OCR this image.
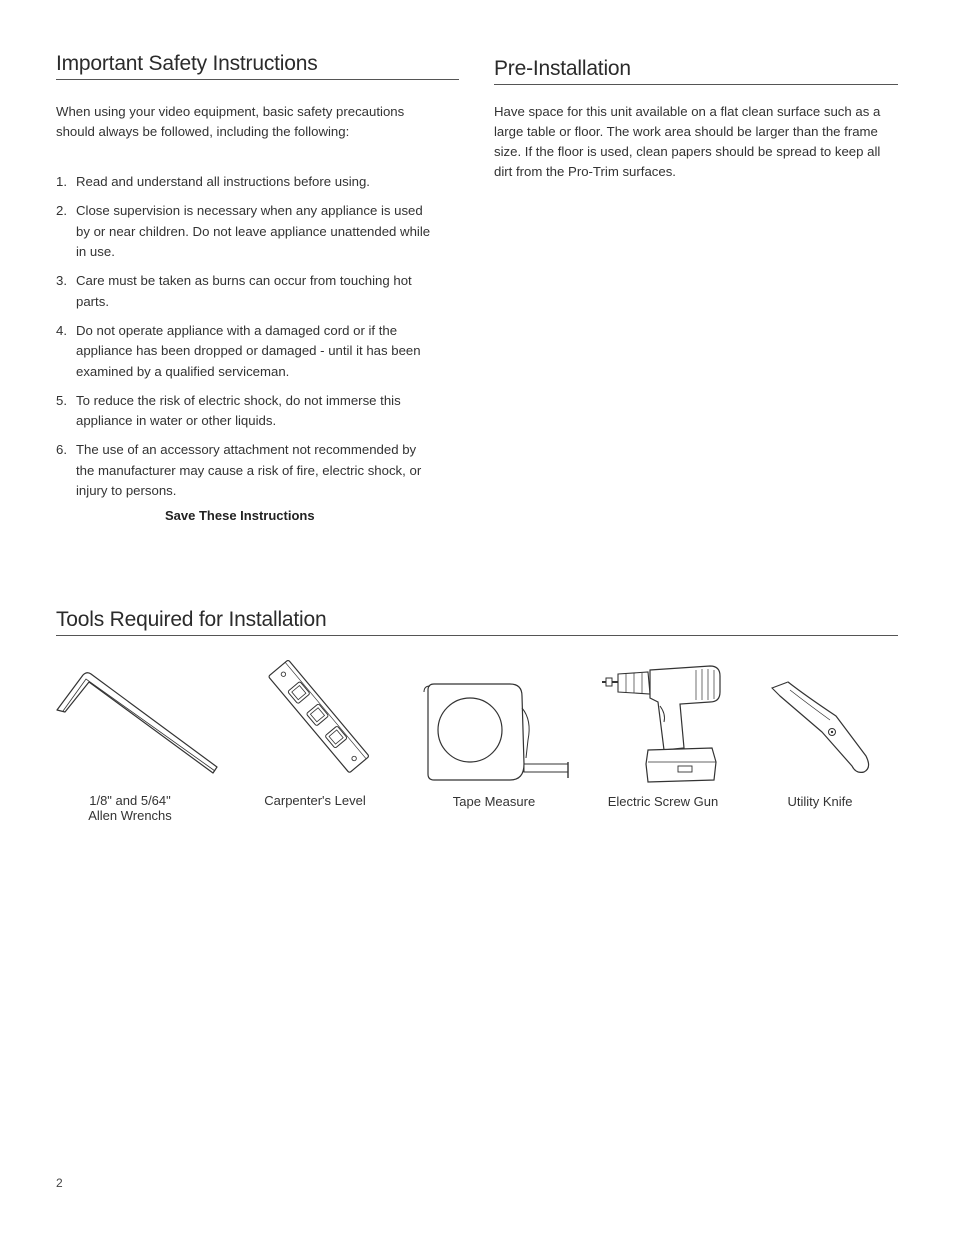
Important Safety Instructions

When using your video equipment, basic safety precautions should always be followed, including the following:

1. Read and understand all instructions before using.
2. Close supervision is necessary when any appliance is used by or near children. Do not leave appliance unattended while in use.
3. Care must be taken as burns can occur from touching hot parts.
4. Do not operate appliance with a damaged cord or if the appliance has been dropped or damaged - until it has been examined by a qualified serviceman.
5. To reduce the risk of electric shock, do not immerse this appliance in water or other liquids.
6. The use of an accessory attachment not recommended by the manufacturer may cause a risk of fire, electric shock, or injury to persons.

Save These Instructions

Pre-Installation

Have space for this unit available on a flat clean surface such as a large table or floor. The work area should be larger than the frame size. If the floor is used, clean papers should be spread to keep all dirt from the Pro-Trim surfaces.

Tools Required for Installation
1/8" and 5/64"
Allen Wrenchs
Carpenter's Level	Tape Measure	Electric Screw Gun	Utility Knife

2
